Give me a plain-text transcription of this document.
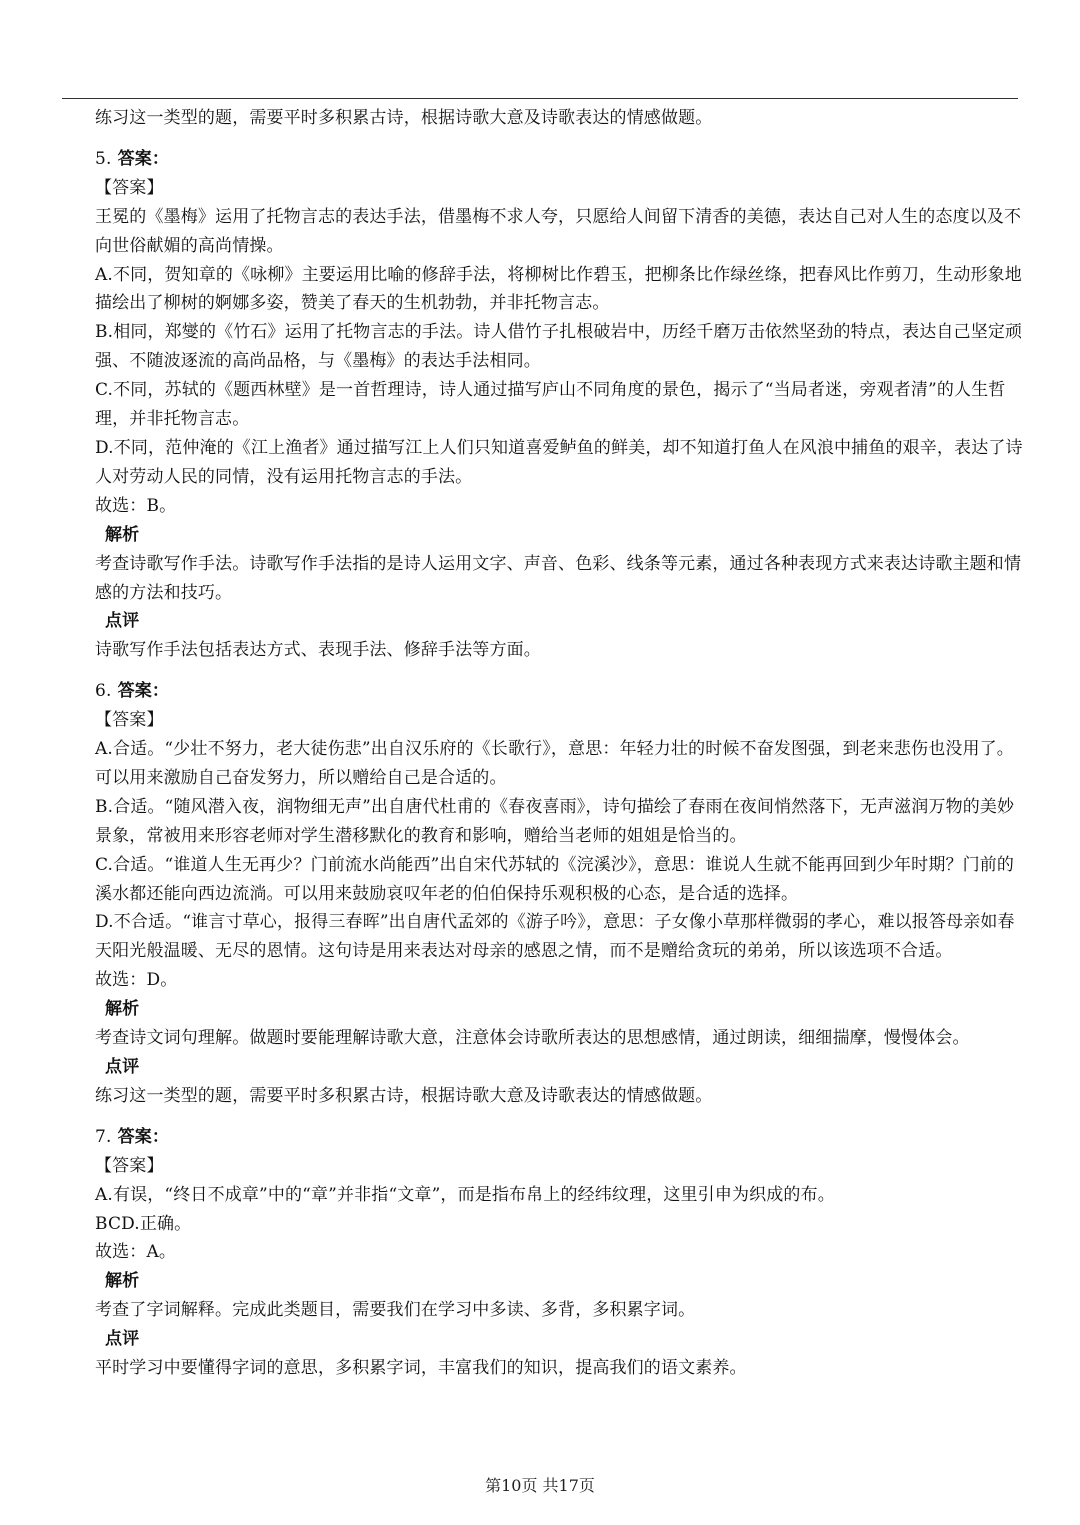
练习这一类型的题，需要平时多积累古诗，根据诗歌大意及诗歌表达的情感做题。

5. 答案：

【答案】

王冕的《墨梅》运用了托物言志的表达手法，借墨梅不求人夸，只愿给人间留下清香的美德，表达自己对人生的态度以及不向世俗献媚的高尚情操。

A.不同，贺知章的《咏柳》主要运用比喻的修辞手法，将柳树比作碧玉，把柳条比作绿丝绦，把春风比作剪刀，生动形象地描绘出了柳树的婀娜多姿，赞美了春天的生机勃勃，并非托物言志。

B.相同，郑燮的《竹石》运用了托物言志的手法。诗人借竹子扎根破岩中，历经千磨万击依然坚劲的特点，表达自己坚定顽强、不随波逐流的高尚品格，与《墨梅》的表达手法相同。

C.不同，苏轼的《题西林壁》是一首哲理诗，诗人通过描写庐山不同角度的景色，揭示了“当局者迷，旁观者清”的人生哲理，并非托物言志。

D.不同，范仲淹的《江上渔者》通过描写江上人们只知道喜爱鲈鱼的鲜美，却不知道打鱼人在风浪中捕鱼的艰辛，表达了诗人对劳动人民的同情，没有运用托物言志的手法。

故选：B。

解析

考查诗歌写作手法。诗歌写作手法指的是诗人运用文字、声音、色彩、线条等元素，通过各种表现方式来表达诗歌主题和情感的方法和技巧。

点评

诗歌写作手法包括表达方式、表现手法、修辞手法等方面。

6. 答案：

【答案】

A.合适。“少壮不努力，老大徒伤悲”出自汉乐府的《长歌行》，意思：年轻力壮的时候不奋发图强，到老来悲伤也没用了。可以用来激励自己奋发努力，所以赠给自己是合适的。

B.合适。“随风潜入夜，润物细无声”出自唐代杜甫的《春夜喜雨》，诗句描绘了春雨在夜间悄然落下，无声滋润万物的美妙景象，常被用来形容老师对学生潜移默化的教育和影响，赠给当老师的姐姐是恰当的。

C.合适。“谁道人生无再少？门前流水尚能西”出自宋代苏轼的《浣溪沙》，意思：谁说人生就不能再回到少年时期？门前的溪水都还能向西边流淌。可以用来鼓励哀叹年老的伯伯保持乐观积极的心态，是合适的选择。

D.不合适。“谁言寸草心，报得三春晖”出自唐代孟郊的《游子吟》，意思：子女像小草那样微弱的孝心，难以报答母亲如春天阳光般温暖、无尽的恩情。这句诗是用来表达对母亲的感恩之情，而不是赠给贪玩的弟弟，所以该选项不合适。

故选：D。

解析

考查诗文词句理解。做题时要能理解诗歌大意，注意体会诗歌所表达的思想感情，通过朗读，细细揣摩，慢慢体会。

点评

练习这一类型的题，需要平时多积累古诗，根据诗歌大意及诗歌表达的情感做题。

7. 答案：

【答案】

A.有误，“终日不成章”中的“章”并非指“文章”，而是指布帛上的经纬纹理，这里引申为织成的布。

BCD.正确。

故选：A。

解析

考查了字词解释。完成此类题目，需要我们在学习中多读、多背，多积累字词。

点评

平时学习中要懂得字词的意思，多积累字词，丰富我们的知识，提高我们的语文素养。

第10页 共17页
